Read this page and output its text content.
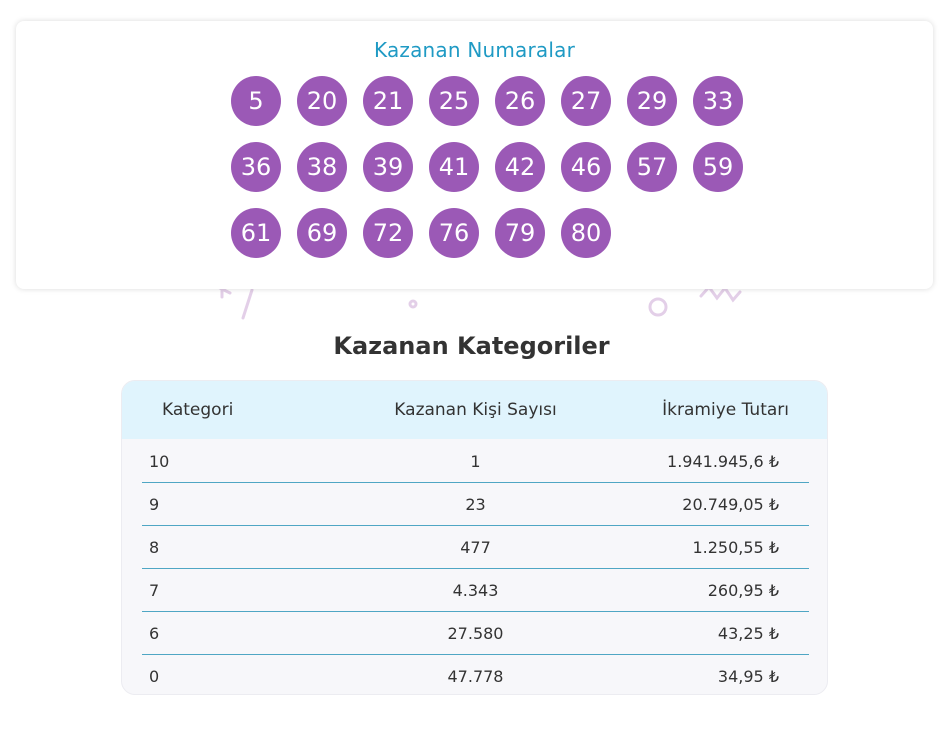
Kazanan Numaralar
5	20	21	25	26	27	29	33
36	38	39	41	42	46	57	59
61	69	72	76	79	80
Kazanan Kategoriler
Kategori	Kazanan Kişi Sayısı	İkramiye Tutarı
10	1	1.941.945,6 ₺
9	23	20.749,05 ₺
8	477	1.250,55 ₺
7	4.343	260,95 ₺
6	27.580	43,25 ₺
0	47.778	34,95 ₺
